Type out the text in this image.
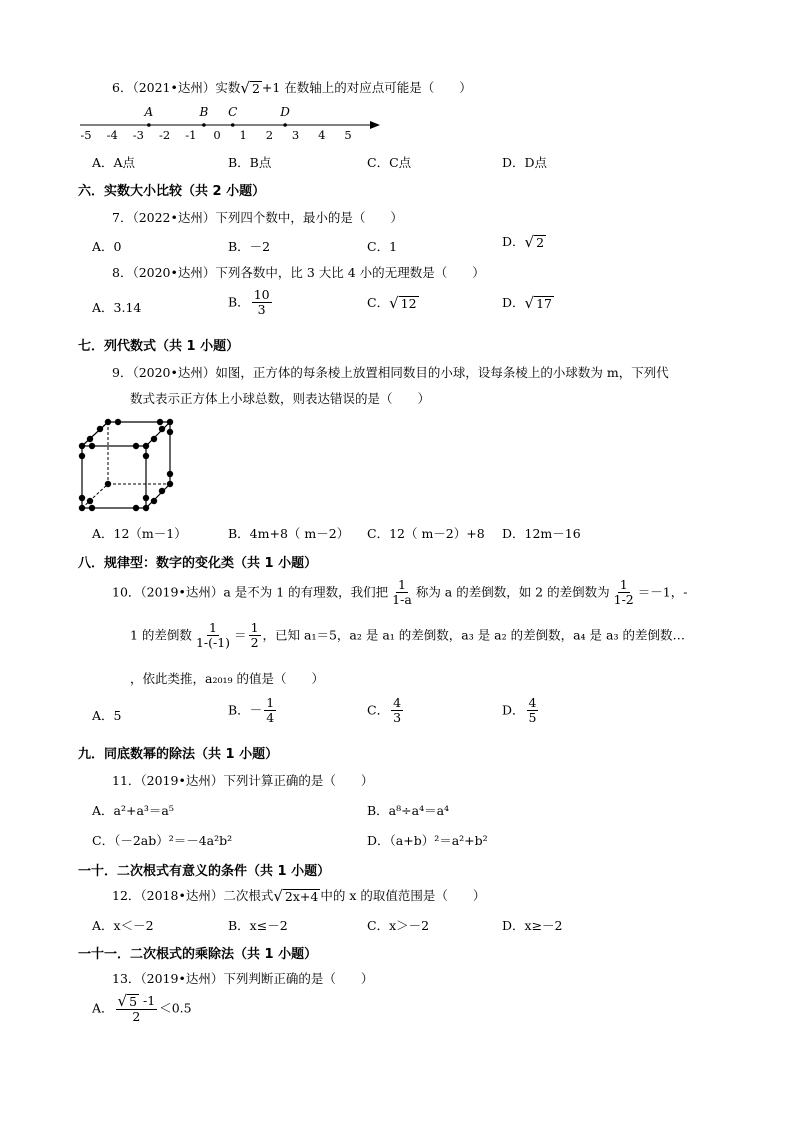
6．（2021•达州）实数 √ 2 +1 在数轴上的对应点可能是（　　）
-5 -4 -3 -2 -1 0 1 2 3 4 5
A	B C	D
A．A点	B．B点	C．C点	D．D点
六．实数大小比较（共 2 小题）
7．（2022•达州）下列四个数中，最小的是（　　）
A．0	B．－2	C．1	D． √ 2
8．（2020•达州）下列各数中，比 3 大比 4 小的无理数是（　　）
A．3.14	B． $\frac{10}{3}$	C． √ 12	D． √ 17
七．列代数式（共 1 小题）
9．（2020•达州）如图，正方体的每条棱上放置相同数目的小球，设每条棱上的小球数为 m，下列代
数式表示正方体上小球总数，则表达错误的是（　　）
A．12（m－1）	B．4m+8（ m－2） C．12（ m－2）+8 D．12m－16
八．规律型：数字的变化类（共 1 小题）
10．（2019•达州）a 是不为 1 的有理数，我们把 $\frac{1}{1-a}$ 称为 a 的差倒数，如 2 的差倒数为 $\frac{1}{1-2} =-1$，-
1 的差倒数 $\frac{1}{1-(-1)} = \frac{1}{2}$ ，已知 a₁＝5，a₂ 是 a₁ 的差倒数，a₃ 是 a₂ 的差倒数，a₄ 是 a₃ 的差倒数…
，依此类推，a₂₀₁₉ 的值是（　　）
A．5	B．－ $\frac{1}{4}$	C． $\frac{4}{3}$	D． $\frac{4}{5}$
九．同底数幂的除法（共 1 小题）
11．（2019•达州）下列计算正确的是（　　）
A．a²+a³＝a⁵	B．a⁸÷a⁴＝a⁴
C．（－2ab）²＝－4a²b²	D．（a+b）²＝a²+b²
一十．二次根式有意义的条件（共 1 小题）
12．（2018•达州）二次根式 √ 2x+4 中的 x 的取值范围是（　　）
A．x＜－2	B．x≤－2	C．x＞－2	D．x≥－2
一十一．二次根式的乘除法（共 1 小题）
13．（2019•达州）下列判断正确的是（　　）
A． $\frac{√ 5 -1}{2} <0.5$
